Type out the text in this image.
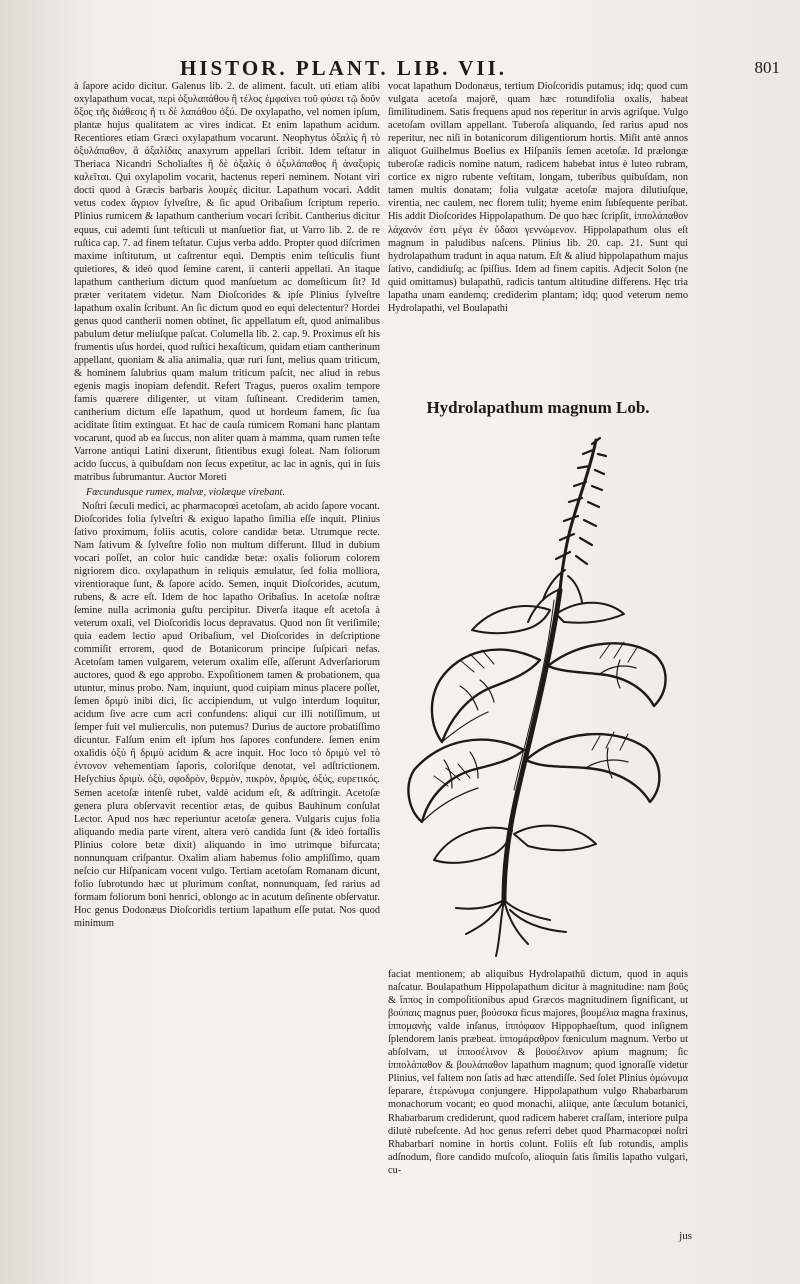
HISTOR. PLANT. LIB. VII.	801

à ſapore acido dicitur. Galenus lib. 2. de aliment. facult. uti etiam alibi oxylapathum vocat, περὶ ὀξυλαπάθου ἢ τέλος ἐμφαίνει τοῦ φύσει τῷ δοῦν ὄξος τῆς διάθεσις ἤ τι δὲ λαπάθου ὀξύ. De oxylapatho, vel nomen ipſum, plantæ hujus qualitatem ac vires indicat. Et enim lapathum acidum. Recentiores etiam Græci oxylapathum vocarunt. Neophytus ὀξαλὶς ἢ τὸ ὀξυλάπαθον, ἃ ἀξαλίδας anaxyrum appellari ſcribit. Idem teſtatur in Theriaca Nicandri Scholiaſtes ἢ δὲ ὀξαλίς ὁ ὀξυλάπαθος ἢ ἀναξυρὶς καλεῖται. Qui oxylapolim vocarit, hactenus reperi neminem. Notant viri docti quod à Græcis barbaris λουμὲς dicitur. Lapathum vocari. Addit vetus codex ἄγριον ſylveſtre, & ſic apud Oribaſium ſcriptum reperio. Plinius rumicem & lapathum cantherium vocari ſcribit. Cantherius dicitur equus, cui ademti ſunt teſticuli ut manſuetior fiat, ut Varro lib. 2. de re ruſtica cap. 7. ad finem teſtatur. Cujus verba addo. Propter quod diſcrimen maxime inſtitutum, ut caſtrentur equi. Demptis enim teſticulis fiunt quietiores, & ideò quod ſemine carent, ii canterii appellati. An itaque lapathum cantherium dictum quod manſuetum ac domeſticum ſit? Id præter veritatem videtur. Nam Dioſcorides & ipſe Plinius ſylveſtre lapathum oxalin ſcribunt. An ſic dictum quod eo equi delectentur? Hordei genus quod cantherii nomen obtinet, ſic appellatum eſt, quod animalibus pabulum detur meliuſque paſcat. Columella lib. 2. cap. 9. Proximus eſt his frumentis uſus hordei, quod ruſtici hexaſticum, quidam etiam cantherinum appellant, quoniam & alia animalia, quæ ruri ſunt, melius quam triticum, & hominem ſalubrius quam malum triticum paſcit, nec aliud in rebus egenis magis inopiam defendit. Refert Tragus, pueros oxalim tempore famis quærere diligenter, ut vitam ſuſtineant. Crediderim tamen, cantherium dictum eſſe lapathum, quod ut hordeum famem, ſic ſua aciditate ſitim extinguat. Et hac de cauſa rumicem Romani hanc plantam vocarunt, quod ab ea ſuccus, non aliter quam à mamma, quam rumen teſte Varrone antiqui Latini dixerunt, ſitientibus exugi ſoleat. Nam foliorum acido ſuccus, à quibuſdam non ſecus expetitur, ac lac in agnis, qui in ſuis matribus ſubrumantur. Auctor Moreti

Fœcundusque rumex, malvæ, violæque virebant.

Noſtri ſæculi medici, ac pharmacopœi acetoſam, ab acido ſapore vocant. Dioſcorides folia ſylveſtri & exiguo lapatho ſimilia eſſe inquit. Plinius ſativo proximum, foliis acutis, colore candidæ betæ. Utrumque recte. Nam ſativum & ſylveſtre folio non multum differunt. Illud in dubium vocari poſſet, an color huic candidæ betæ: oxalis foliorum colorem nigriorem dico. oxylapathum in reliquis æmulatur, ſed folia molliora, virentioraque ſunt, & ſapore acido. Semen, inquit Dioſcorides, acutum, rubens, & acre eſt. Idem de hoc lapatho Oribaſius. In acetoſæ noſtræ ſemine nulla acrimonia guſtu percipitur. Diverſa itaque eſt acetoſa à veterum oxali, vel Dioſcoridis locus depravatus. Quod non ſit veriſimile; quia eadem lectio apud Oribaſium, vel Dioſcorides in deſcriptione commiſit errorem, quod de Botanicorum principe ſuſpicari nefas. Acetoſam tamen vulgarem, veterum oxalim eſſe, aſſerunt Adverſariorum auctores, quod & ego approbo. Expoſitionem tamen & probationem, qua utuntur, minus probo. Nam, inquiunt, quod cuipiam minus placere poſſet, ſemen δριμὺ inibi dici, ſic accipiendum, ut vulgo interdum loquitur, acidum ſive acre cum acri confundens: aliqui cur illi notiſſimum, ut ſemper fuit vel mulierculis, non putemus? Durius de auctore probatiſſimo dicuntur. Falſum enim eſt ipſum hos ſapores confundere. ſemen enim oxalidis ὀξὺ ἢ δριμὺ acidum & acre inquit. Hoc loco τὸ δριμὺ vel τὸ ἐντονον vehementiam ſaporis, coloriſque denotat, vel adſtrictionem. Heſychius δριμὺ. ὀξὺ, σφοδρὸν, θερμὸν, πικρὸν, δριμύς, ὀξύς, ευρετικός. Semen acetoſæ intenſè rubet, valdè acidum eſt, & adſtringit. Acetoſæ genera plura obſervavit recentior ætas, de quibus Bauhinum conſulat Lector. Apud nos hæc reperiuntur acetoſæ genera. Vulgaris cujus folia aliquando media parte virent, altera verò candida ſunt (& ideò fortaſſis Plinius colore betæ dixit) aliquando in imo utrimque bifurcata; nonnunquam criſpantur. Oxalim aliam habemus folio ampliſſimo, quam neſcio cur Hiſpanicam vocent vulgo. Tertiam acetoſam Romanam dicunt, folio ſubrotundo hæc ut plurimum conſtat, nonnunquam, ſed rarius ad formam foliorum boni henrici, oblongo ac in acutum deſinente obſervatur. Hoc genus Dodonæus Dioſcoridis tertium lapathum eſſe putat. Nos quod minimum

vocat lapathum Dodonæus, tertium Dioſcoridis putamus; idq; quod cum vulgata acetoſa majorē, quam hæc rotundifolia oxalis, habeat ſimilitudinem. Satis frequens apud nos reperitur in arvis agriſque. Vulgo acetoſam ovillam appellant. Tuberoſa aliquando, ſed rarius apud nos reperitur, nec niſi in botanicorum diligentiorum hortis. Miſit antè annos aliquot Guilhelmus Boelius ex Hiſpaniis ſemen acetoſæ. Id prælongæ tuberoſæ radicis nomine natum, radicem habebat intus è luteo rubram, cortice ex nigro rubente veſtitam, longam, tuberibus quibuſdam, non tamen multis donatam; folia vulgatæ acetoſæ majora dilutiuſque, virentia, nec caulem, nec florem tulit; hyeme enim ſubſequente peribat. His addit Dioſcorides Hippolapathum. De quo hæc ſcripſit, ἱππολάπαθον λάχανόν ἐστι μέγα ἐν ὕδασι γεννώμενον. Hippolapathum olus eſt magnum in paludibus naſcens. Plinius lib. 20. cap. 21. Sunt qui hydrolapathum tradunt in aqua natum. Eſt & aliud hippolapathum majus ſativo, candidiuſq; ac ſpiſſius. Idem ad finem capitis. Adjecit Solon (ne quid omittamus) bulapathū, radicis tantum altitudine differens. Hęc tria lapatha unam eandemq; crediderim plantam; idq; quod veterum nemo Hydrolapathi, vel Boulapathi

Hydrolapathum magnum Lob.

faciat mentionem; ab aliquibus Hydrolapathū dictum, quod in aquis naſcatur. Boulapathum Hippolapathum dicitur à magnitudine: nam βοῦς & ἵππος in compoſitionibus apud Græcos magnitudinem ſignificant, ut βούπαις magnus puer, βούσυκα ficus majores, βουμέλια magna fraxinus, ἱππομανὴς valde inſanus, ἱππόφαον Hippophaeſtum, quod inſignem ſplendorem lanis præbeat. ἱππομάραθρον fœniculum magnum. Verbo ut abſolvam, ut ἱπποσέλινον & βουσέλινον apium magnum; ſic ἱππολάπαθον & βουλάπαθον lapathum magnum; quod ignoraſſe videtur Plinius, vel faltem non ſatis ad hæc attendiſſe. Sed ſolet Plinius ὁμώνυμα ſeparare, ἑτερώνυμα conjungere. Hippolapathum vulgo Rhabarbarum monachorum vocant; eo quod monachi, aliique, ante ſæculum botanici, Rhabarbarum crediderunt, quod radicem haberet craſſam, interiore pulpa dilutè rubeſcente. Ad hoc genus referri debet quod Pharmacopœi noſtri Rhabarbari nomine in hortis colunt. Foliis eſt ſub rotundis, amplis adſnodum, flore candido muſcoſo, alioquin ſatis ſimilis lapatho vulgari, cu-

jus
